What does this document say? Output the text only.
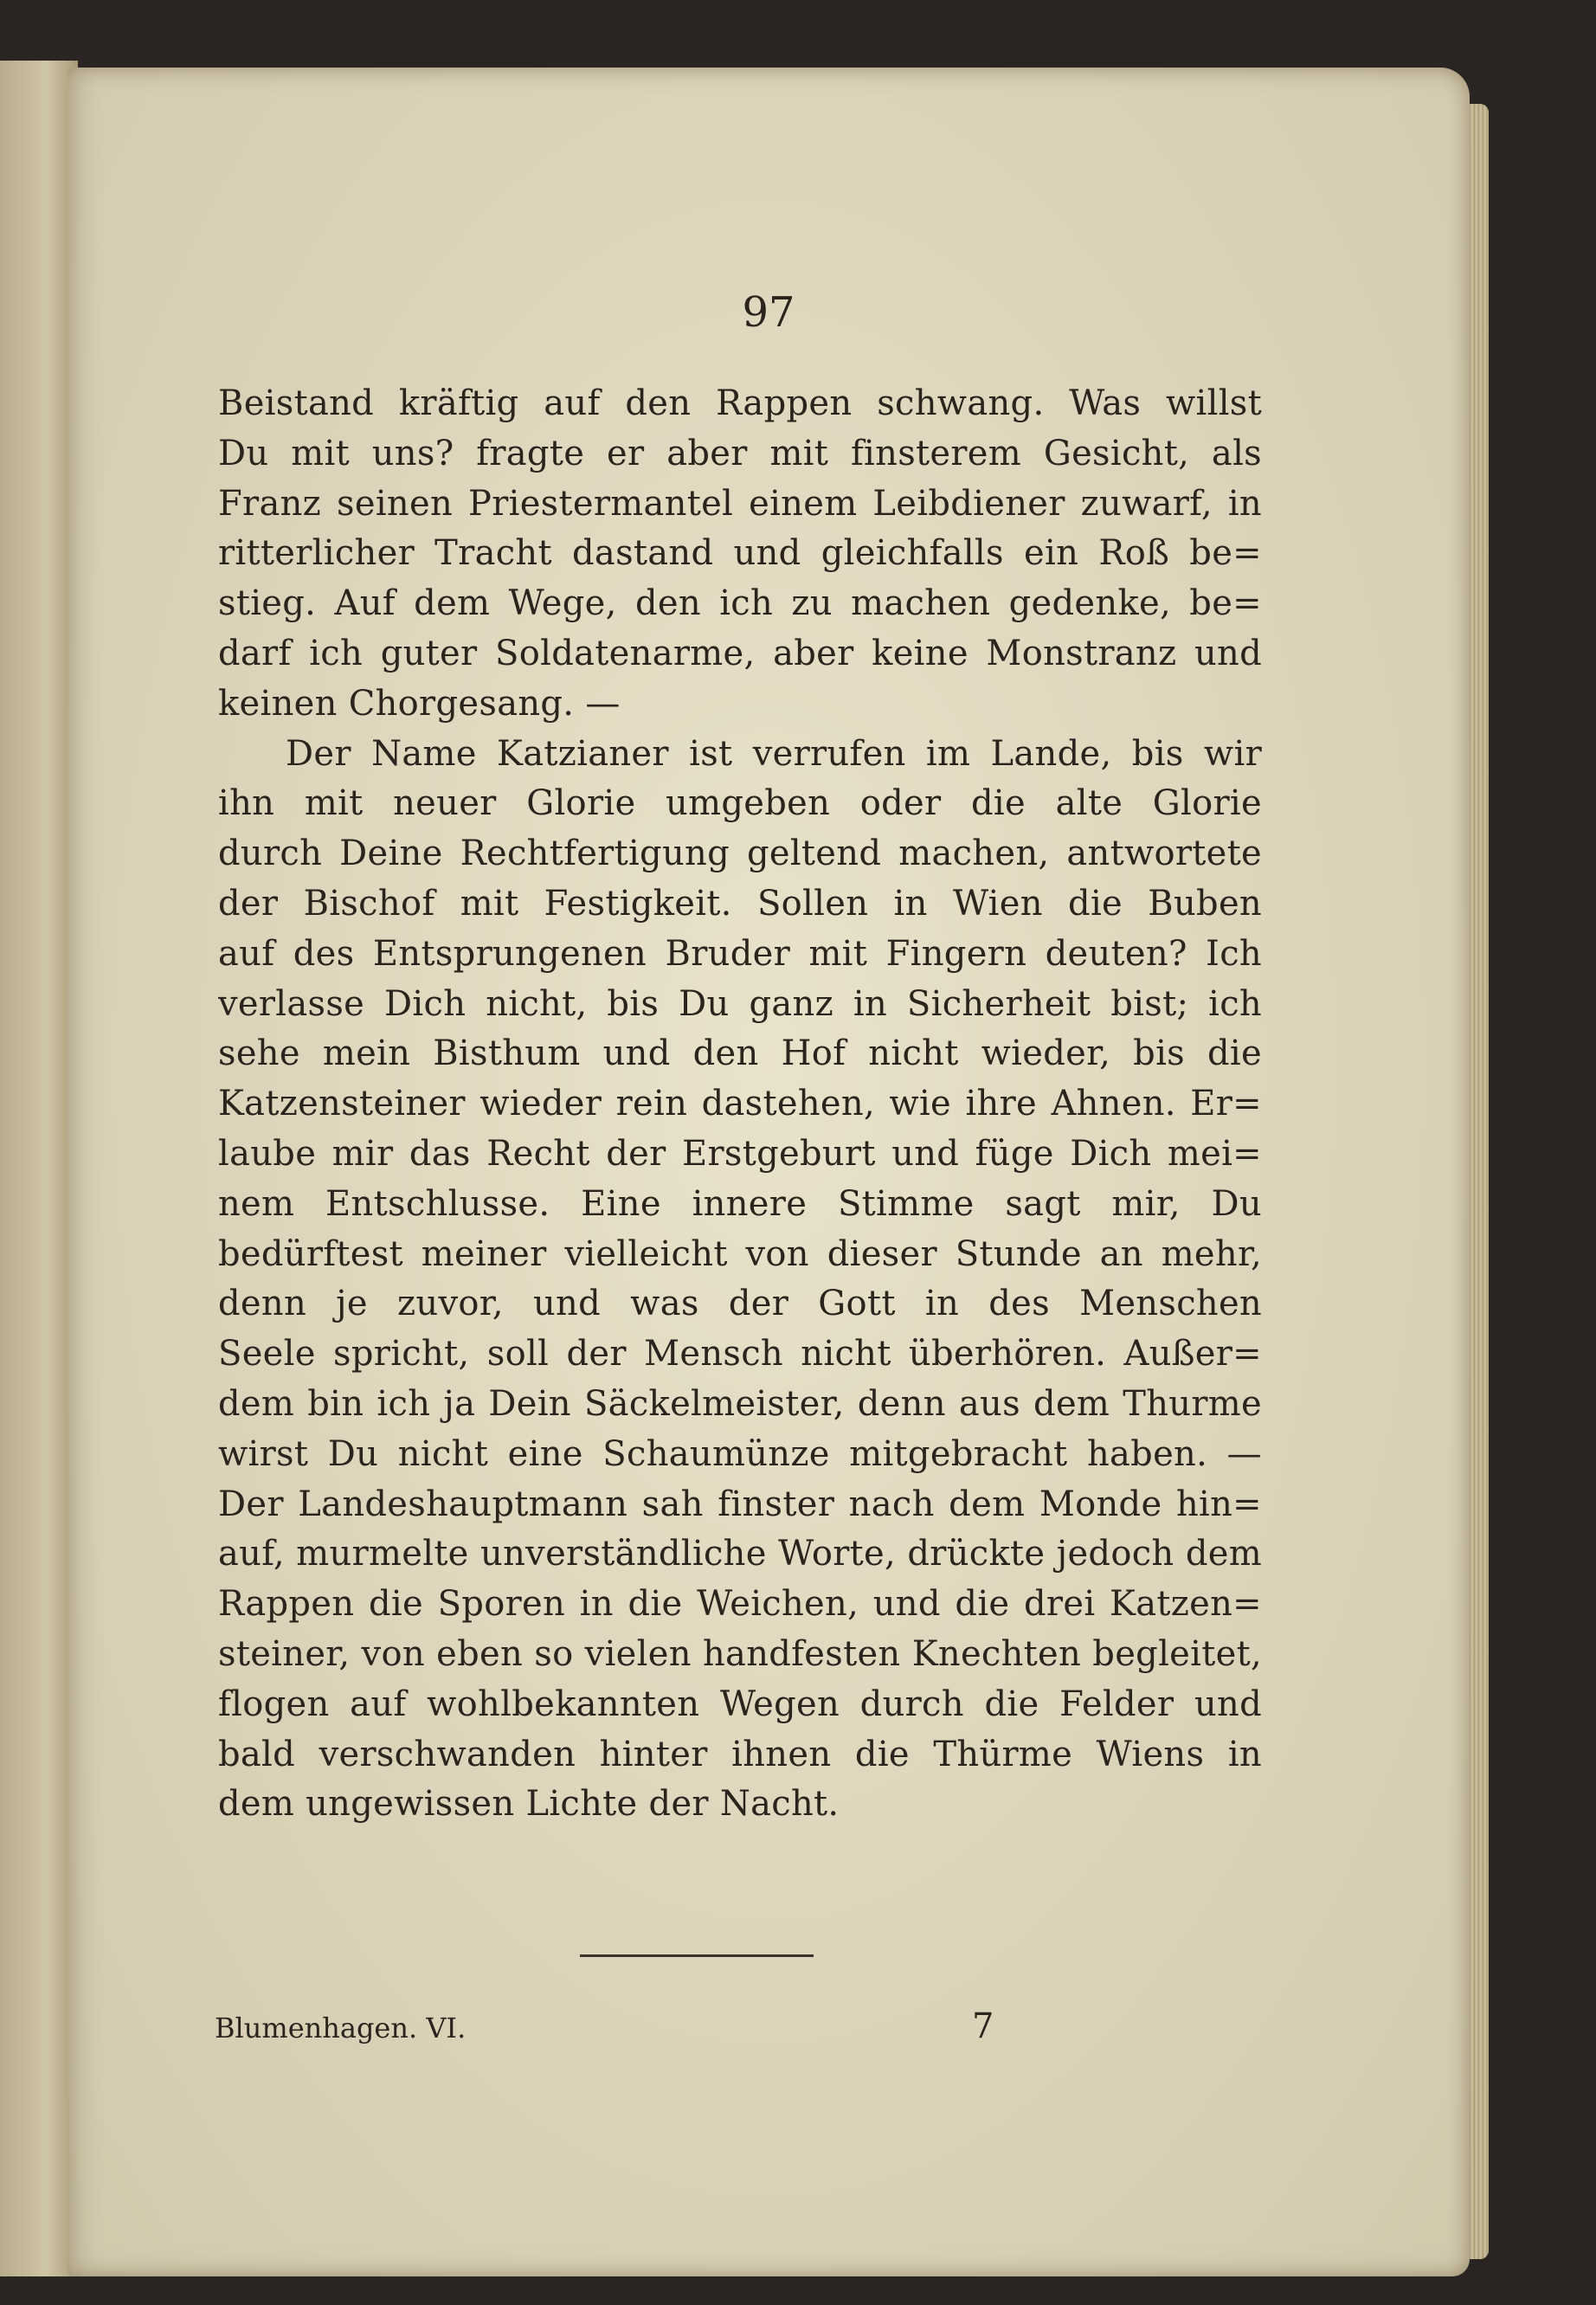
97
Beistand kräftig auf den Rappen schwang. Was willst
Du mit uns? fragte er aber mit finsterem Gesicht, als
Franz seinen Priestermantel einem Leibdiener zuwarf, in
ritterlicher Tracht dastand und gleichfalls ein Roß be=
stieg. Auf dem Wege, den ich zu machen gedenke, be=
darf ich guter Soldatenarme, aber keine Monstranz und
keinen Chorgesang. —
Der Name Katzianer ist verrufen im Lande, bis wir
ihn mit neuer Glorie umgeben oder die alte Glorie
durch Deine Rechtfertigung geltend machen, antwortete
der Bischof mit Festigkeit. Sollen in Wien die Buben
auf des Entsprungenen Bruder mit Fingern deuten? Ich
verlasse Dich nicht, bis Du ganz in Sicherheit bist; ich
sehe mein Bisthum und den Hof nicht wieder, bis die
Katzensteiner wieder rein dastehen, wie ihre Ahnen. Er=
laube mir das Recht der Erstgeburt und füge Dich mei=
nem Entschlusse. Eine innere Stimme sagt mir, Du
bedürftest meiner vielleicht von dieser Stunde an mehr,
denn je zuvor, und was der Gott in des Menschen
Seele spricht, soll der Mensch nicht überhören. Außer=
dem bin ich ja Dein Säckelmeister, denn aus dem Thurme
wirst Du nicht eine Schaumünze mitgebracht haben. —
Der Landeshauptmann sah finster nach dem Monde hin=
auf, murmelte unverständliche Worte, drückte jedoch dem
Rappen die Sporen in die Weichen, und die drei Katzen=
steiner, von eben so vielen handfesten Knechten begleitet,
flogen auf wohlbekannten Wegen durch die Felder und
bald verschwanden hinter ihnen die Thürme Wiens in
dem ungewissen Lichte der Nacht.
Blumenhagen. VI.	7
